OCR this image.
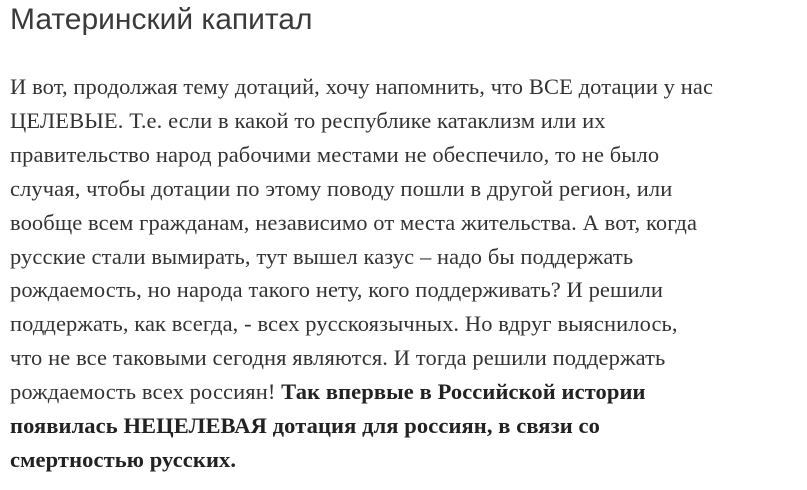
Материнский капитал
И вот, продолжая тему дотаций, хочу напомнить, что ВСЕ дотации у нас
ЦЕЛЕВЫЕ. Т.е. если в какой то республике катаклизм или их
правительство народ рабочими местами не обеспечило, то не было
случая, чтобы дотации по этому поводу пошли в другой регион, или
вообще всем гражданам, независимо от места жительства. А вот, когда
русские стали вымирать, тут вышел казус – надо бы поддержать
рождаемость, но народа такого нету, кого поддерживать? И решили
поддержать, как всегда, - всех русскоязычных. Но вдруг выяснилось,
что не все таковыми сегодня являются. И тогда решили поддержать
рождаемость всех россиян! Так впервые в Российской истории
появилась НЕЦЕЛЕВАЯ дотация для россиян, в связи со
смертностью русских.
